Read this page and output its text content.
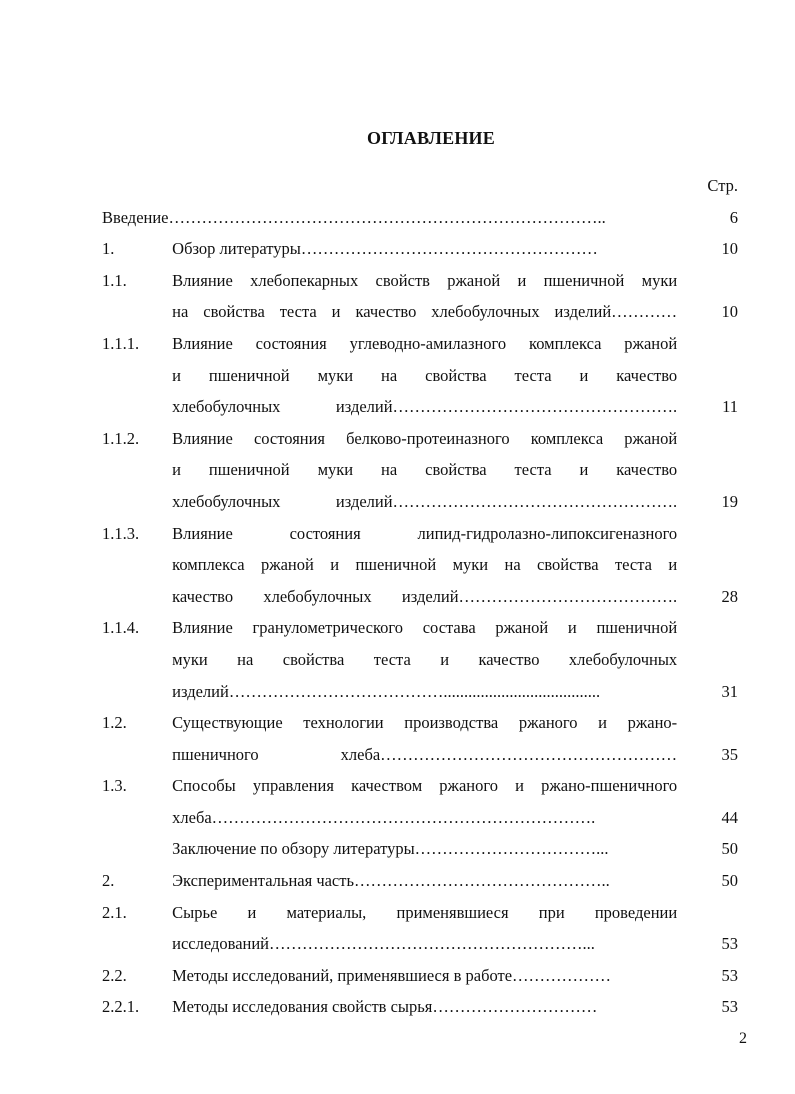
ОГЛАВЛЕНИЕ
		Стр.
Введение……………………………………………………………………..		6
1.	Обзор литературы………………………………………………	10
1.1.	Влияние хлебопекарных свойств ржаной и пшеничной муки	

	на свойства теста и качество хлебобулочных изделий…………	10
1.1.1.	Влияние состояния углеводно-амилазного комплекса ржаной	

	и пшеничной муки на свойства теста и качество	

	хлебобулочных изделий…………………………………………….	11
1.1.2.	Влияние состояния белково-протеиназного комплекса ржаной	

	и пшеничной муки на свойства теста и качество	

	хлебобулочных изделий…………………………………………….	19
1.1.3.	Влияние состояния липид-гидролазно-липоксигеназного	

	комплекса ржаной и пшеничной муки на свойства теста и	

	качество хлебобулочных изделий………………………………….	28
1.1.4.	Влияние гранулометрического состава ржаной и пшеничной	

	муки на свойства теста и качество хлебобулочных	

	изделий…………………………………......................................	31
1.2.	Существующие технологии производства ржаного и ржано-	

	пшеничного хлеба………………………………………………	35
1.3.	Способы управления качеством ржаного и ржано-пшеничного	

	хлеба…………………………………………………………….	44

	Заключение по обзору литературы……………………………...	50
2.	Экспериментальная часть………………………………………..	50
2.1.	Сырье и материалы, применявшиеся при проведении	

	исследований…………………………………………………...	53
2.2.	Методы исследований, применявшиеся в работе………………	53
2.2.1.	Методы исследования свойств сырья…………………………	53
2
